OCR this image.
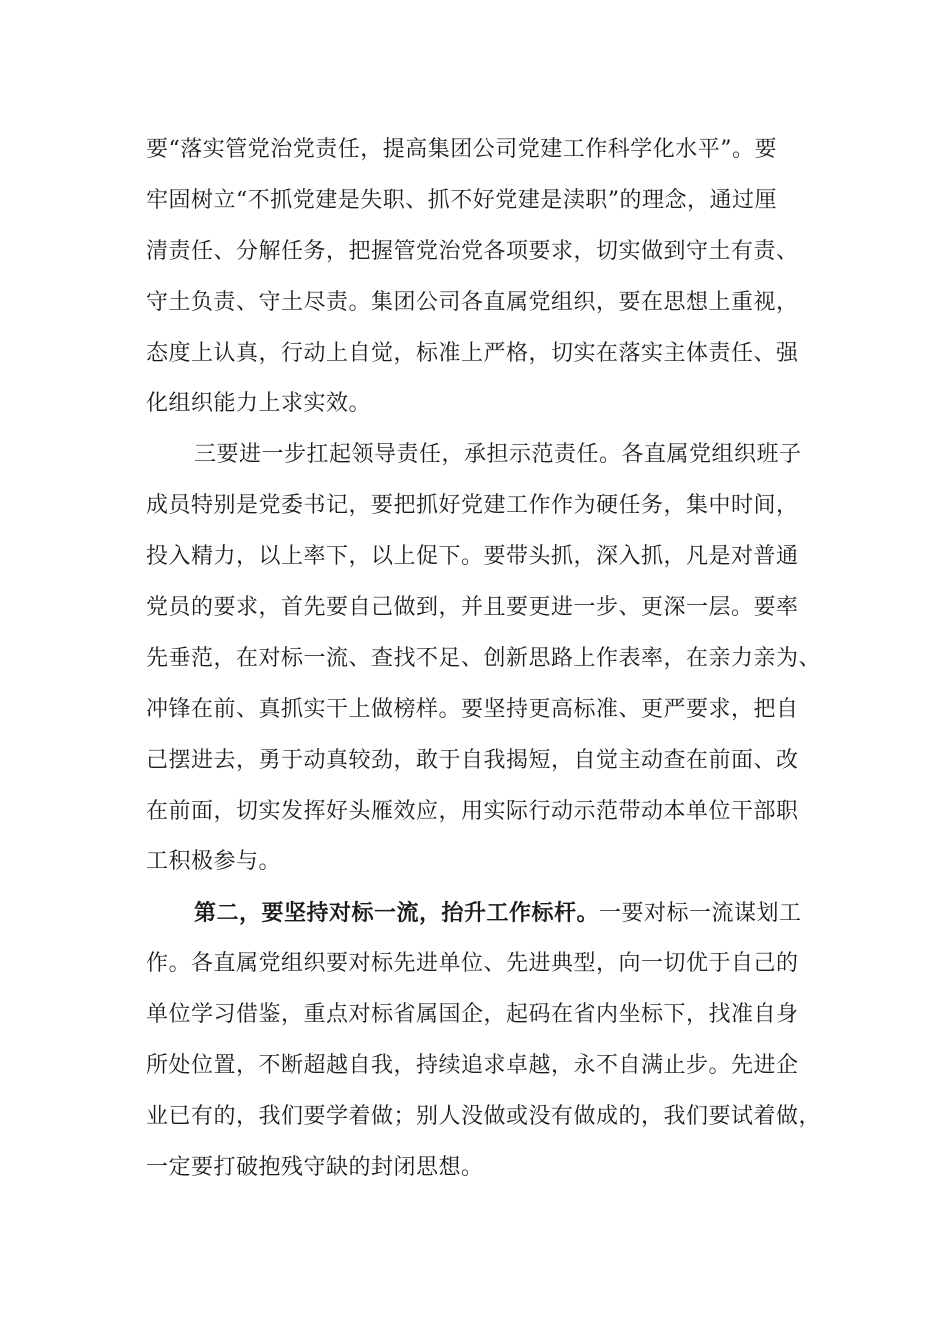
要“落实管党治党责任，提高集团公司党建工作科学化水平”。要
牢固树立“不抓党建是失职、抓不好党建是渎职”的理念，通过厘
清责任、分解任务，把握管党治党各项要求，切实做到守土有责、
守土负责、守土尽责。集团公司各直属党组织，要在思想上重视，
态度上认真，行动上自觉，标准上严格，切实在落实主体责任、强
化组织能力上求实效。
三要进一步扛起领导责任，承担示范责任。各直属党组织班子
成员特别是党委书记，要把抓好党建工作作为硬任务，集中时间，
投入精力，以上率下，以上促下。要带头抓，深入抓，凡是对普通
党员的要求，首先要自己做到，并且要更进一步、更深一层。要率
先垂范，在对标一流、查找不足、创新思路上作表率，在亲力亲为、
冲锋在前、真抓实干上做榜样。要坚持更高标准、更严要求，把自
己摆进去，勇于动真较劲，敢于自我揭短，自觉主动查在前面、改
在前面，切实发挥好头雁效应，用实际行动示范带动本单位干部职
工积极参与。
第二，要坚持对标一流，抬升工作标杆。一要对标一流谋划工
作。各直属党组织要对标先进单位、先进典型，向一切优于自己的
单位学习借鉴，重点对标省属国企，起码在省内坐标下，找准自身
所处位置，不断超越自我，持续追求卓越，永不自满止步。先进企
业已有的，我们要学着做；别人没做或没有做成的，我们要试着做，
一定要打破抱残守缺的封闭思想。
